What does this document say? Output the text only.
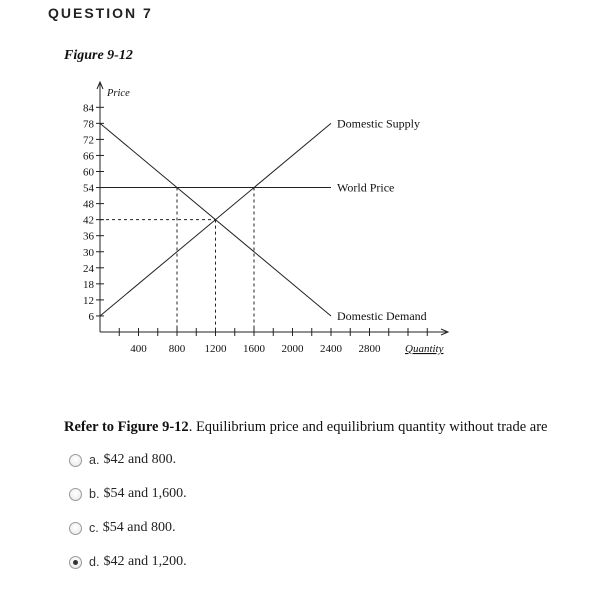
QUESTION 7
Figure 9-12
6
12
18
24
30
36
42
48
54
60
66
72
78
84
400 800 1200 1600 2000 2400 2800
Price
Quantity
Domestic Supply
Domestic Demand
World Price
Refer to Figure 9-12. Equilibrium price and equilibrium quantity without trade are
a. $42 and 800.
b. $54 and 1,600.
c. $54 and 800.
d. $42 and 1,200.
